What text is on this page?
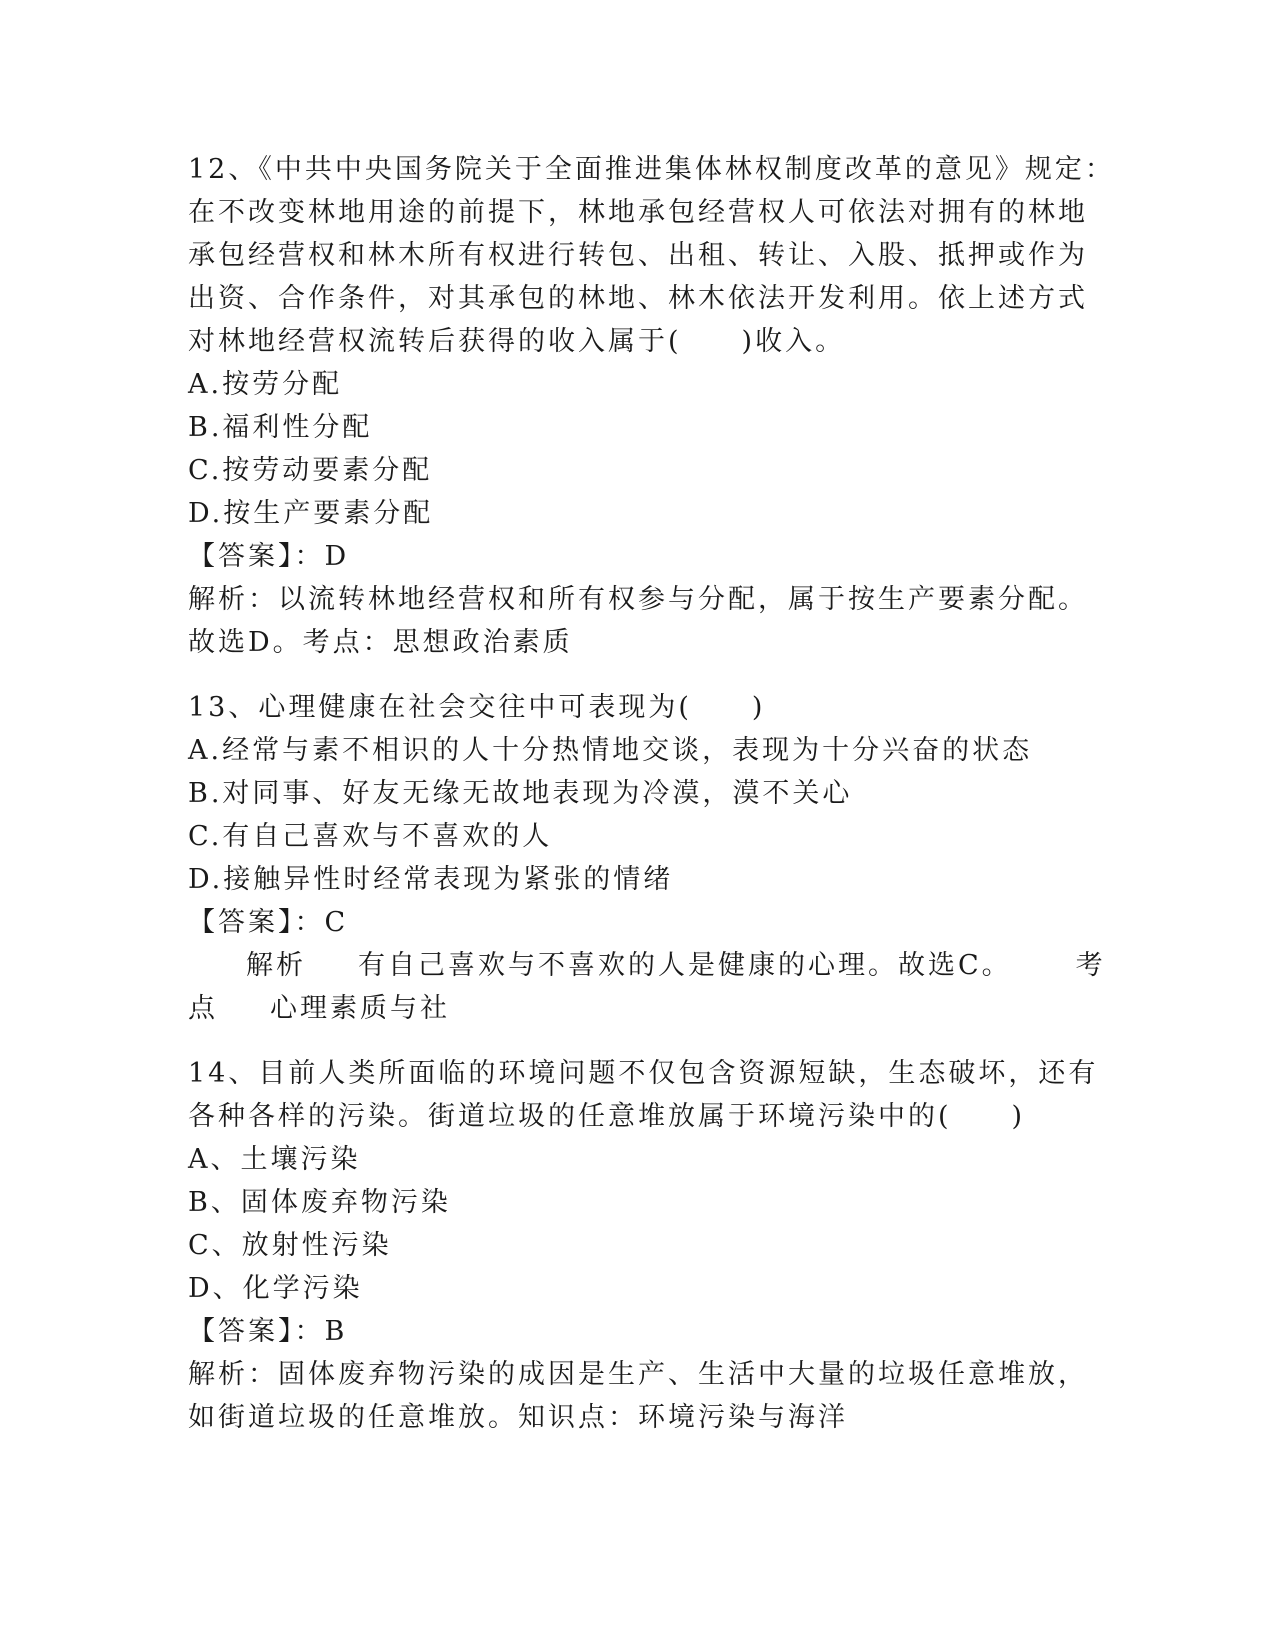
12、《中共中央国务院关于全面推进集体林权制度改革的意见》规定：
在不改变林地用途的前提下，林地承包经营权人可依法对拥有的林地
承包经营权和林木所有权进行转包、出租、转让、入股、抵押或作为
出资、合作条件，对其承包的林地、林木依法开发利用。依上述方式
对林地经营权流转后获得的收入属于(　　)收入。
A.按劳分配
B.福利性分配
C.按劳动要素分配
D.按生产要素分配
【答案】：D
解析：以流转林地经营权和所有权参与分配，属于按生产要素分配。
故选D。考点：思想政治素质
13、心理健康在社会交往中可表现为(　　)
A.经常与素不相识的人十分热情地交谈，表现为十分兴奋的状态
B.对同事、好友无缘无故地表现为冷漠，漠不关心
C.有自己喜欢与不喜欢的人
D.接触异性时经常表现为紧张的情绪
【答案】：C
解析 有自己喜欢与不喜欢的人是健康的心理。故选C。 考
点 心理素质与社
14、目前人类所面临的环境问题不仅包含资源短缺，生态破坏，还有
各种各样的污染。街道垃圾的任意堆放属于环境污染中的(　　)
A、土壤污染
B、固体废弃物污染
C、放射性污染
D、化学污染
【答案】：B
解析：固体废弃物污染的成因是生产、生活中大量的垃圾任意堆放，
如街道垃圾的任意堆放。知识点：环境污染与海洋
